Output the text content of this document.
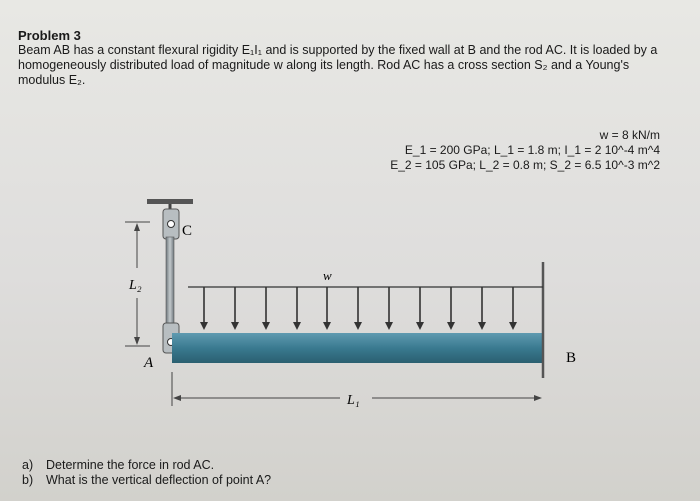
Problem 3
Beam AB has a constant flexural rigidity E₁I₁ and is supported by the fixed wall at B and the rod AC. It is loaded by a homogeneously distributed load of magnitude w along its length. Rod AC has a cross section S₂ and a Young's modulus E₂.
w = 8 kN/m
E_1 = 200 GPa; L_1 = 1.8 m; I_1 = 2 10^-4 m^4
E_2 = 105 GPa; L_2 = 0.8 m; S_2 = 6.5 10^-3 m^2
C
L₂
w
A	B
L₁
a) Determine the force in rod AC.
b) What is the vertical deflection of point A?
